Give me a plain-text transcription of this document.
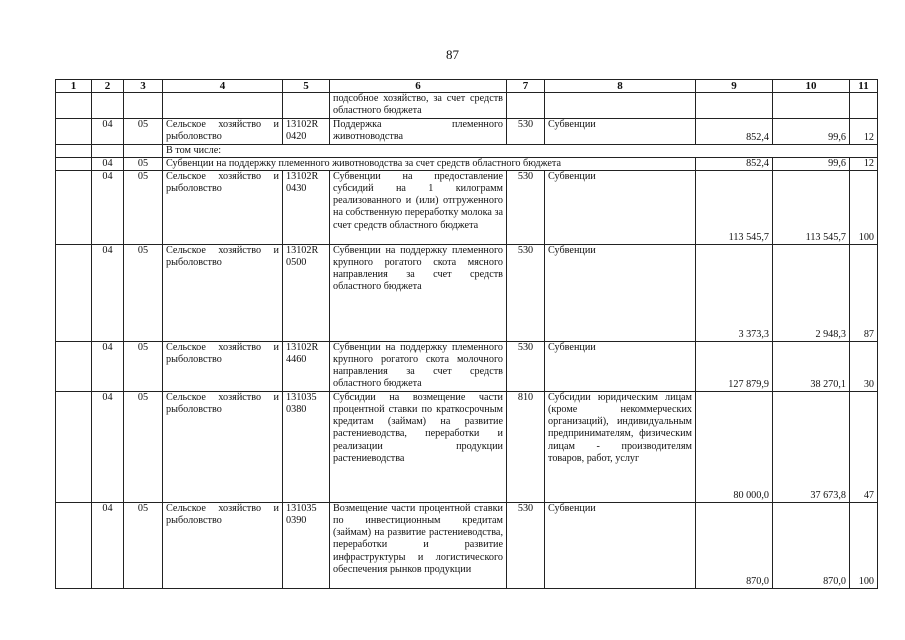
87
1	2	3	4	5	6	7	8	9	10	11
					подсобное хозяйство, за счет средств областного бюджета					
	04	05	Сельское хозяйство и рыболовство	13102R 0420	Поддержка племенного животноводства	530	Субвенции	852,4	99,6	12
			В том числе:							
	04	05	Субвенции на поддержку племенного животноводства за счет средств областного бюджета					852,4	99,6	12
	04	05	Сельское хозяйство и рыболовство	13102R 0430	Субвенции на предоставление субсидий на 1 килограмм реализованного и (или) отгруженного на собственную переработку молока за счет средств областного бюджета	530	Субвенции	113 545,7	113 545,7	100
	04	05	Сельское хозяйство и рыболовство	13102R 0500	Субвенции на поддержку племенного крупного рогатого скота мясного направления за счет средств областного бюджета	530	Субвенции	3 373,3	2 948,3	87
	04	05	Сельское хозяйство и рыболовство	13102R 4460	Субвенции на поддержку племенного крупного рогатого скота молочного направления за счет средств областного бюджета	530	Субвенции	127 879,9	38 270,1	30
	04	05	Сельское хозяйство и рыболовство	131035 0380	Субсидии на возмещение части процентной ставки по краткосрочным кредитам (займам) на развитие растениеводства, переработки и реализации продукции растениеводства	810	Субсидии юридическим лицам (кроме некоммерческих организаций), индивидуальным предпринимателям, физическим лицам - производителям товаров, работ, услуг	80 000,0	37 673,8	47
	04	05	Сельское хозяйство и рыболовство	131035 0390	Возмещение части процентной ставки по инвестиционным кредитам (займам) на развитие растениеводства, переработки и развитие инфраструктуры и логистического обеспечения рынков продукции	530	Субвенции	870,0	870,0	100
